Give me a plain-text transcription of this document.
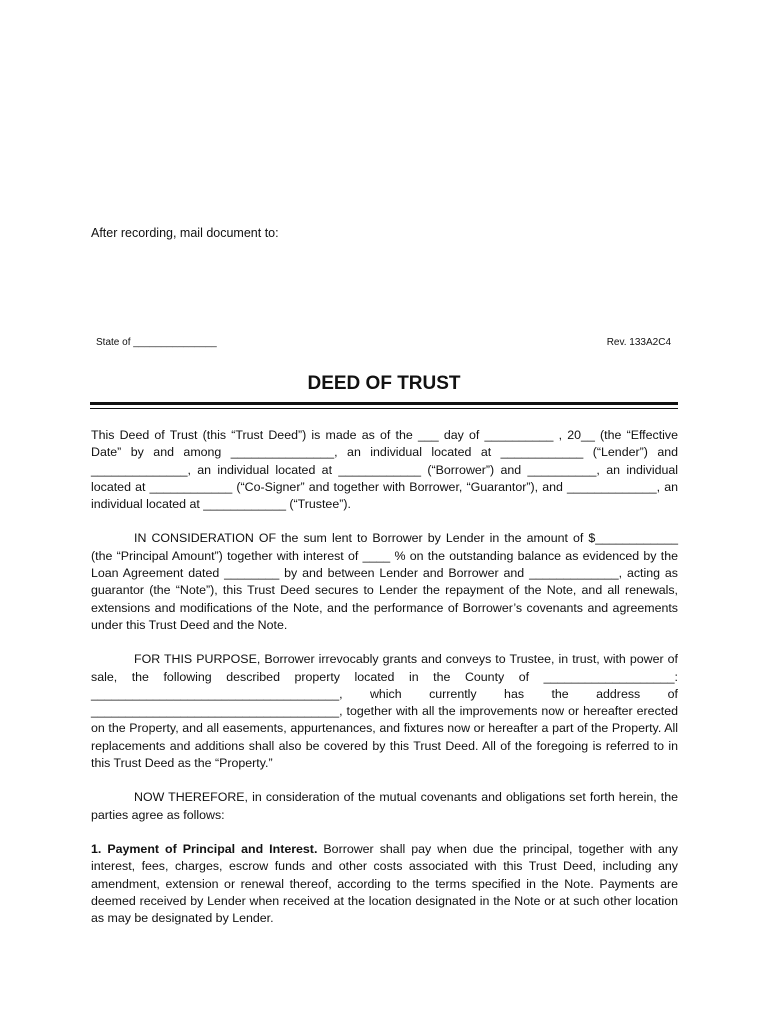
After recording, mail document to:
State of _______________	Rev. 133A2C4
DEED OF TRUST

This Deed of Trust (this “Trust Deed”) is made as of the ___ day of __________ , 20__ (the “Effective Date” by and among _______________, an individual located at ____________ (“Lender”) and ______________, an individual located at ____________ (“Borrower”) and __________, an individual located at ____________ (“Co-Signer” and together with Borrower, “Guarantor”), and _____________, an individual located at ____________ (“Trustee”).

IN CONSIDERATION OF the sum lent to Borrower by Lender in the amount of $____________ (the “Principal Amount”) together with interest of ____ % on the outstanding balance as evidenced by the Loan Agreement dated ________ by and between Lender and Borrower and _____________, acting as guarantor (the “Note”), this Trust Deed secures to Lender the repayment of the Note, and all renewals, extensions and modifications of the Note, and the performance of Borrower’s covenants and agreements under this Trust Deed and the Note.

FOR THIS PURPOSE, Borrower irrevocably grants and conveys to Trustee, in trust, with power of sale, the following described property located in the County of ___________________: ____________________________________, which currently has the address of ____________________________________, together with all the improvements now or hereafter erected on the Property, and all easements, appurtenances, and fixtures now or hereafter a part of the Property. All replacements and additions shall also be covered by this Trust Deed. All of the foregoing is referred to in this Trust Deed as the “Property.”

NOW THEREFORE, in consideration of the mutual covenants and obligations set forth herein, the parties agree as follows:

1. Payment of Principal and Interest. Borrower shall pay when due the principal, together with any interest, fees, charges, escrow funds and other costs associated with this Trust Deed, including any amendment, extension or renewal thereof, according to the terms specified in the Note. Payments are deemed received by Lender when received at the location designated in the Note or at such other location as may be designated by Lender.
